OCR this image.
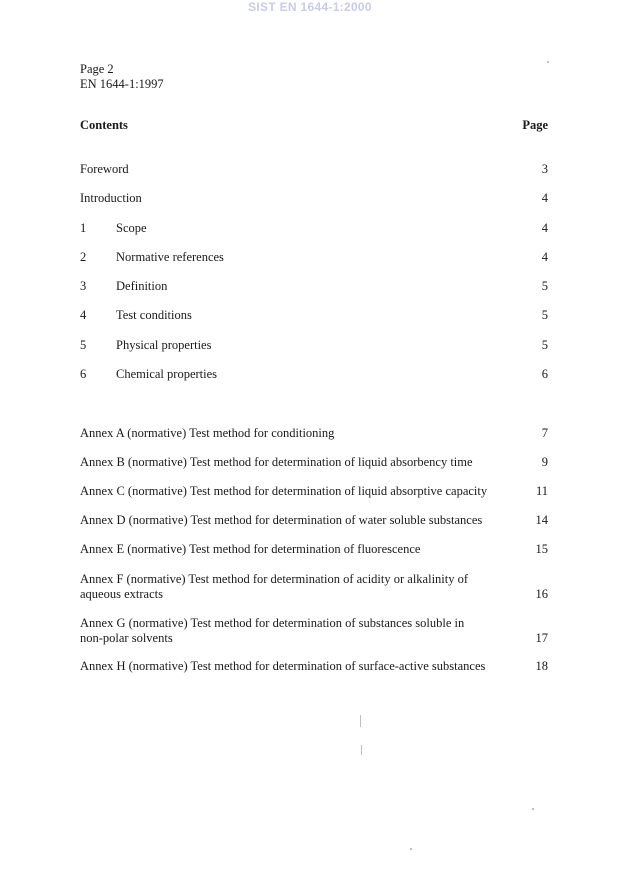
SIST EN 1644-1:2000
Page 2
EN 1644-1:1997
Contents	Page
Foreword	3
Introduction	4
1 Scope	4
2 Normative references	4
3 Definition	5
4 Test conditions	5
5 Physical properties	5
6 Chemical properties	6
Annex A (normative) Test method for conditioning	7
Annex B (normative) Test method for determination of liquid absorbency time	9
Annex C (normative) Test method for determination of liquid absorptive capacity	11
Annex D (normative) Test method for determination of water soluble substances	14
Annex E (normative) Test method for determination of fluorescence	15
Annex F (normative) Test method for determination of acidity or alkalinity of
aqueous extracts	16
Annex G (normative) Test method for determination of substances soluble in
non-polar solvents	17
Annex H (normative) Test method for determination of surface-active substances	18
